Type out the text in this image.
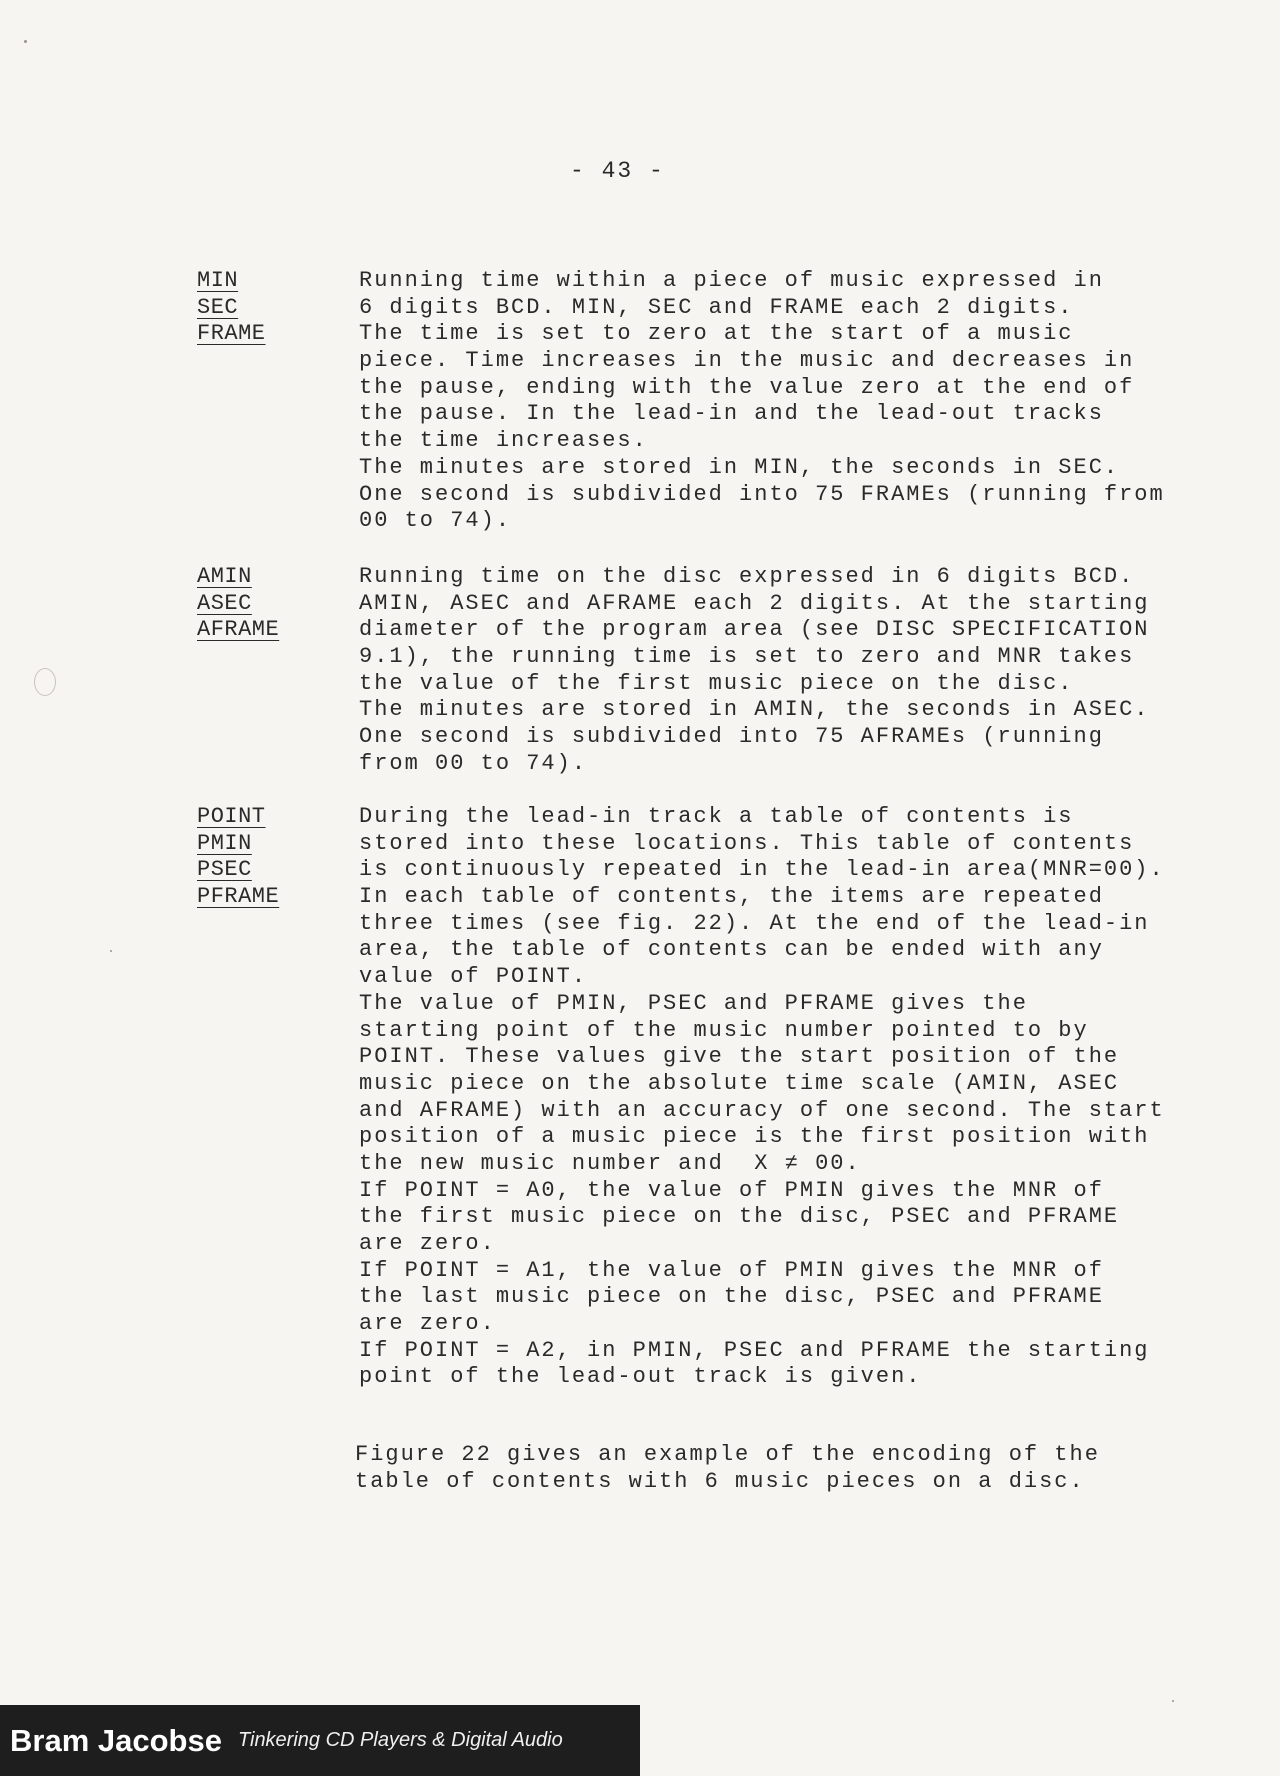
- 43 -
MIN
SEC
FRAME
Running time within a piece of music expressed in
6 digits BCD. MIN, SEC and FRAME each 2 digits.
The time is set to zero at the start of a music
piece. Time increases in the music and decreases in
the pause, ending with the value zero at the end of
the pause. In the lead-in and the lead-out tracks
the time increases.
The minutes are stored in MIN, the seconds in SEC.
One second is subdivided into 75 FRAMEs (running from
00 to 74).
AMIN
ASEC
AFRAME
Running time on the disc expressed in 6 digits BCD.
AMIN, ASEC and AFRAME each 2 digits. At the starting
diameter of the program area (see DISC SPECIFICATION
9.1), the running time is set to zero and MNR takes
the value of the first music piece on the disc.
The minutes are stored in AMIN, the seconds in ASEC.
One second is subdivided into 75 AFRAMEs (running
from 00 to 74).
POINT
PMIN
PSEC
PFRAME
During the lead-in track a table of contents is
stored into these locations. This table of contents
is continuously repeated in the lead-in area(MNR=00).
In each table of contents, the items are repeated
three times (see fig. 22). At the end of the lead-in
area, the table of contents can be ended with any
value of POINT.
The value of PMIN, PSEC and PFRAME gives the
starting point of the music number pointed to by
POINT. These values give the start position of the
music piece on the absolute time scale (AMIN, ASEC
and AFRAME) with an accuracy of one second. The start
position of a music piece is the first position with
the new music number and  X ≠ 00.
If POINT = A0, the value of PMIN gives the MNR of
the first music piece on the disc, PSEC and PFRAME
are zero.
If POINT = A1, the value of PMIN gives the MNR of
the last music piece on the disc, PSEC and PFRAME
are zero.
If POINT = A2, in PMIN, PSEC and PFRAME the starting
point of the lead-out track is given.
Figure 22 gives an example of the encoding of the
table of contents with 6 music pieces on a disc.
Bram Jacobse Tinkering CD Players & Digital Audio
